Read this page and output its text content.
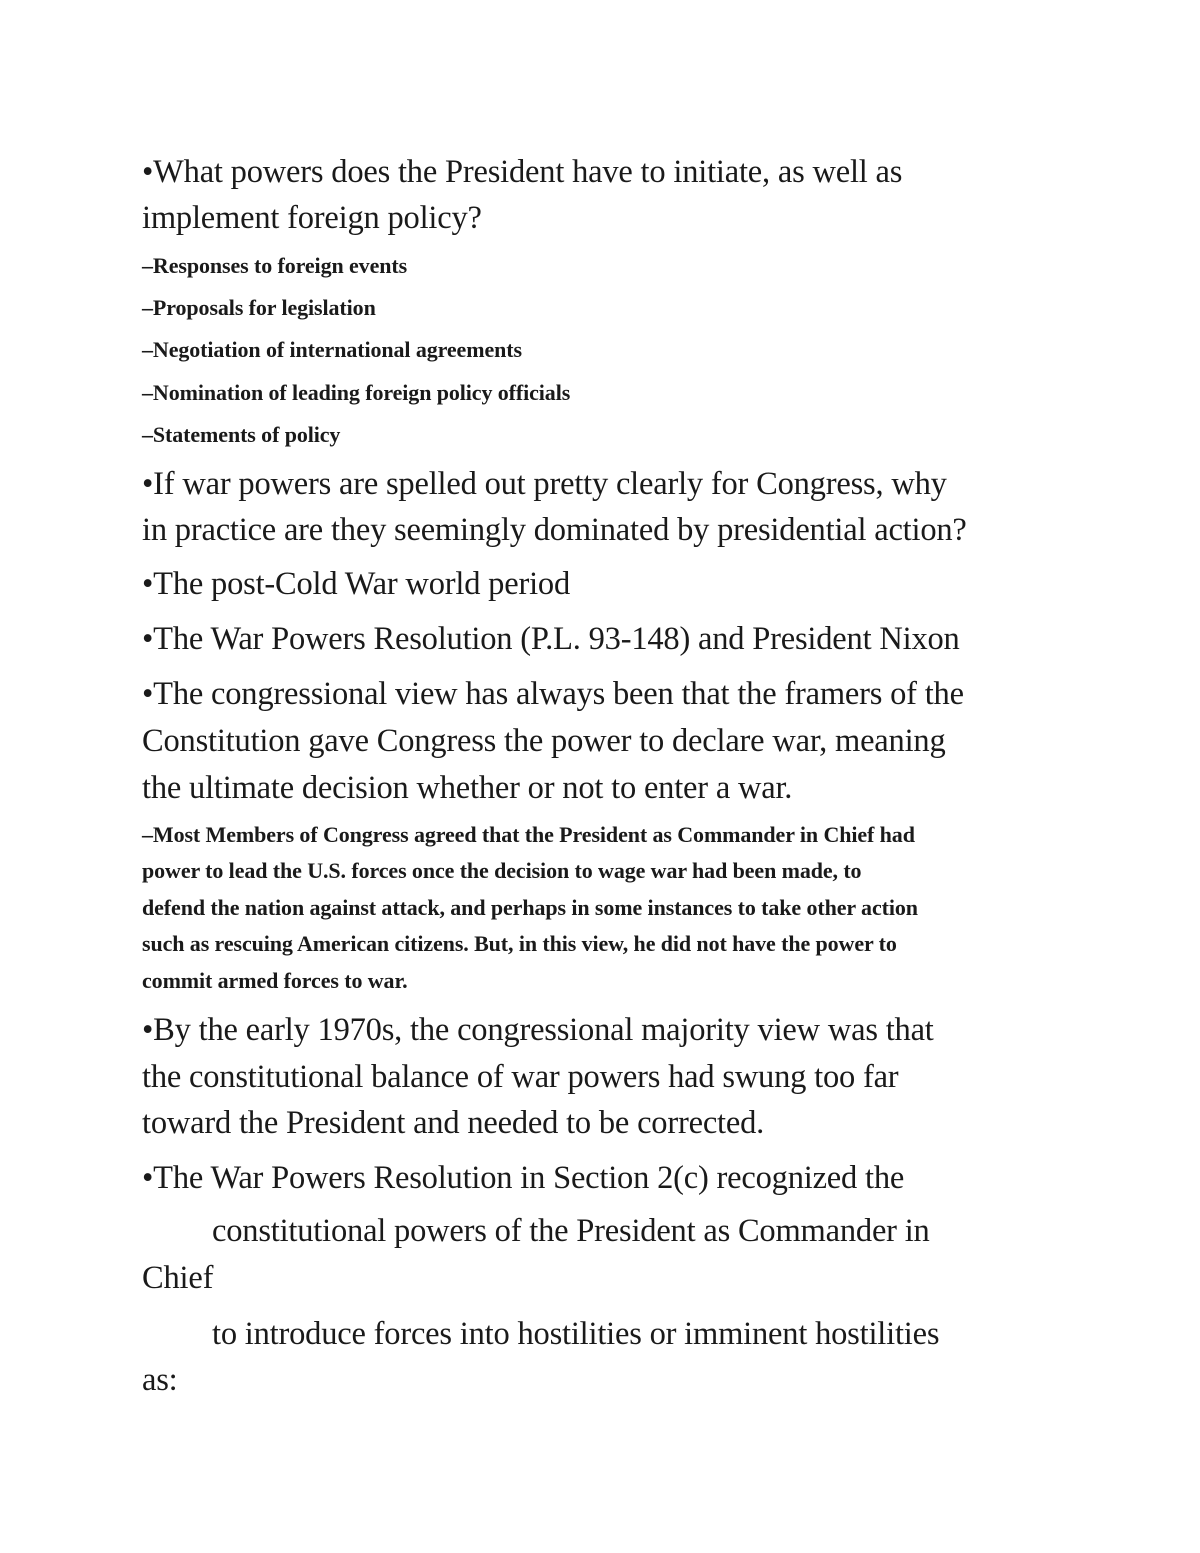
•What powers does the President have to initiate, as well as

implement foreign policy?

–Responses to foreign events

–Proposals for legislation

–Negotiation of international agreements

–Nomination of leading foreign policy officials

–Statements of policy

•If war powers are spelled out pretty clearly for Congress, why

in practice are they seemingly dominated by presidential action?

•The post-Cold War world period

•The War Powers Resolution (P.L. 93-148) and President Nixon

•The congressional view has always been that the framers of the

Constitution gave Congress the power to declare war, meaning

the ultimate decision whether or not to enter a war.

–Most Members of Congress agreed that the President as Commander in Chief had

power to lead the U.S. forces once the decision to wage war had been made, to

defend the nation against attack, and perhaps in some instances to take other action

such as rescuing American citizens. But, in this view, he did not have the power to

commit armed forces to war.

•By the early 1970s, the congressional majority view was that

the constitutional balance of war powers had swung too far

toward the President and needed to be corrected.

•The War Powers Resolution in Section 2(c) recognized the

constitutional powers of the President as Commander in

Chief

to introduce forces into hostilities or imminent hostilities

as:
